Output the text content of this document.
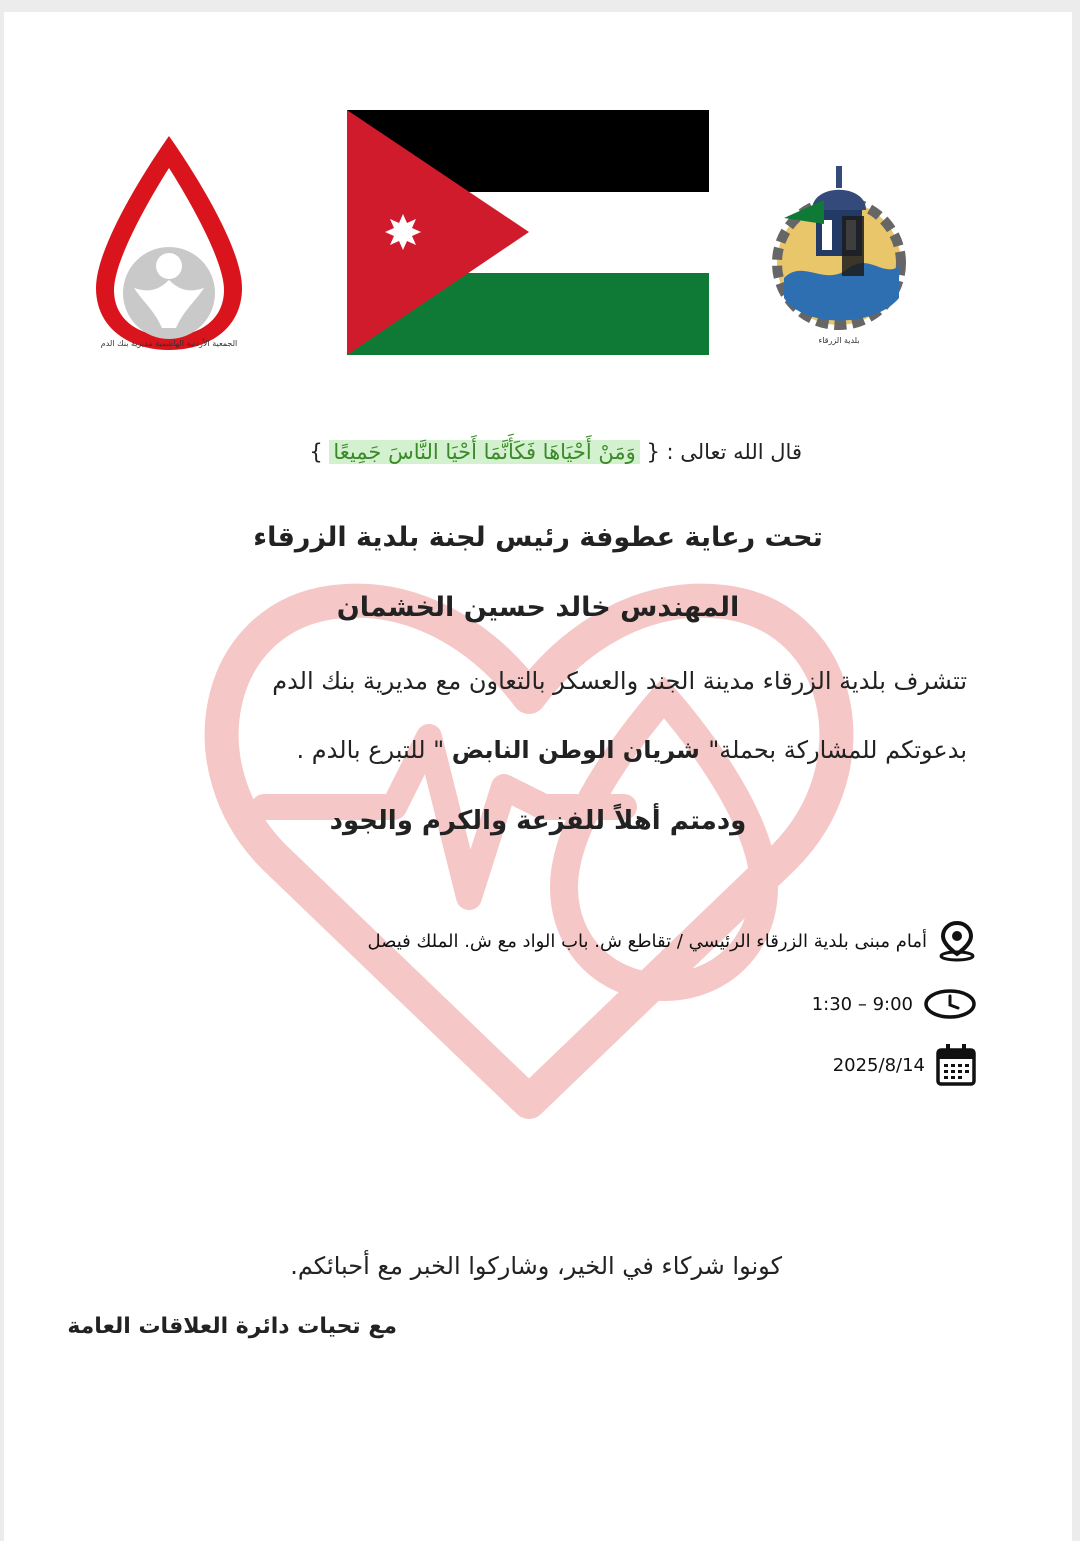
الجمعية الأردنية الهاشمية مديرية بنك الدم	بلدية الزرقاء
قال الله تعالى : { وَمَنْ أَحْيَاهَا فَكَأَنَّمَا أَحْيَا النَّاسَ جَمِيعًا }
تحت رعاية عطوفة رئيس لجنة بلدية الزرقاء
المهندس خالد حسين الخشمان
تتشرف بلدية الزرقاء مدينة الجند والعسكر بالتعاون مع مديرية بنك الدم
بدعوتكم للمشاركة بحملة" شريان الوطن النابض " للتبرع بالدم .
ودمتم أهلاً للفزعة والكرم والجود
أمام مبنى بلدية الزرقاء الرئيسي / تقاطع ش. باب الواد مع ش. الملك فيصل
1:30 – 9:00
2025/8/14
كونوا شركاء في الخير، وشاركوا الخبر مع أحبائكم.
مع تحيات دائرة العلاقات العامة
